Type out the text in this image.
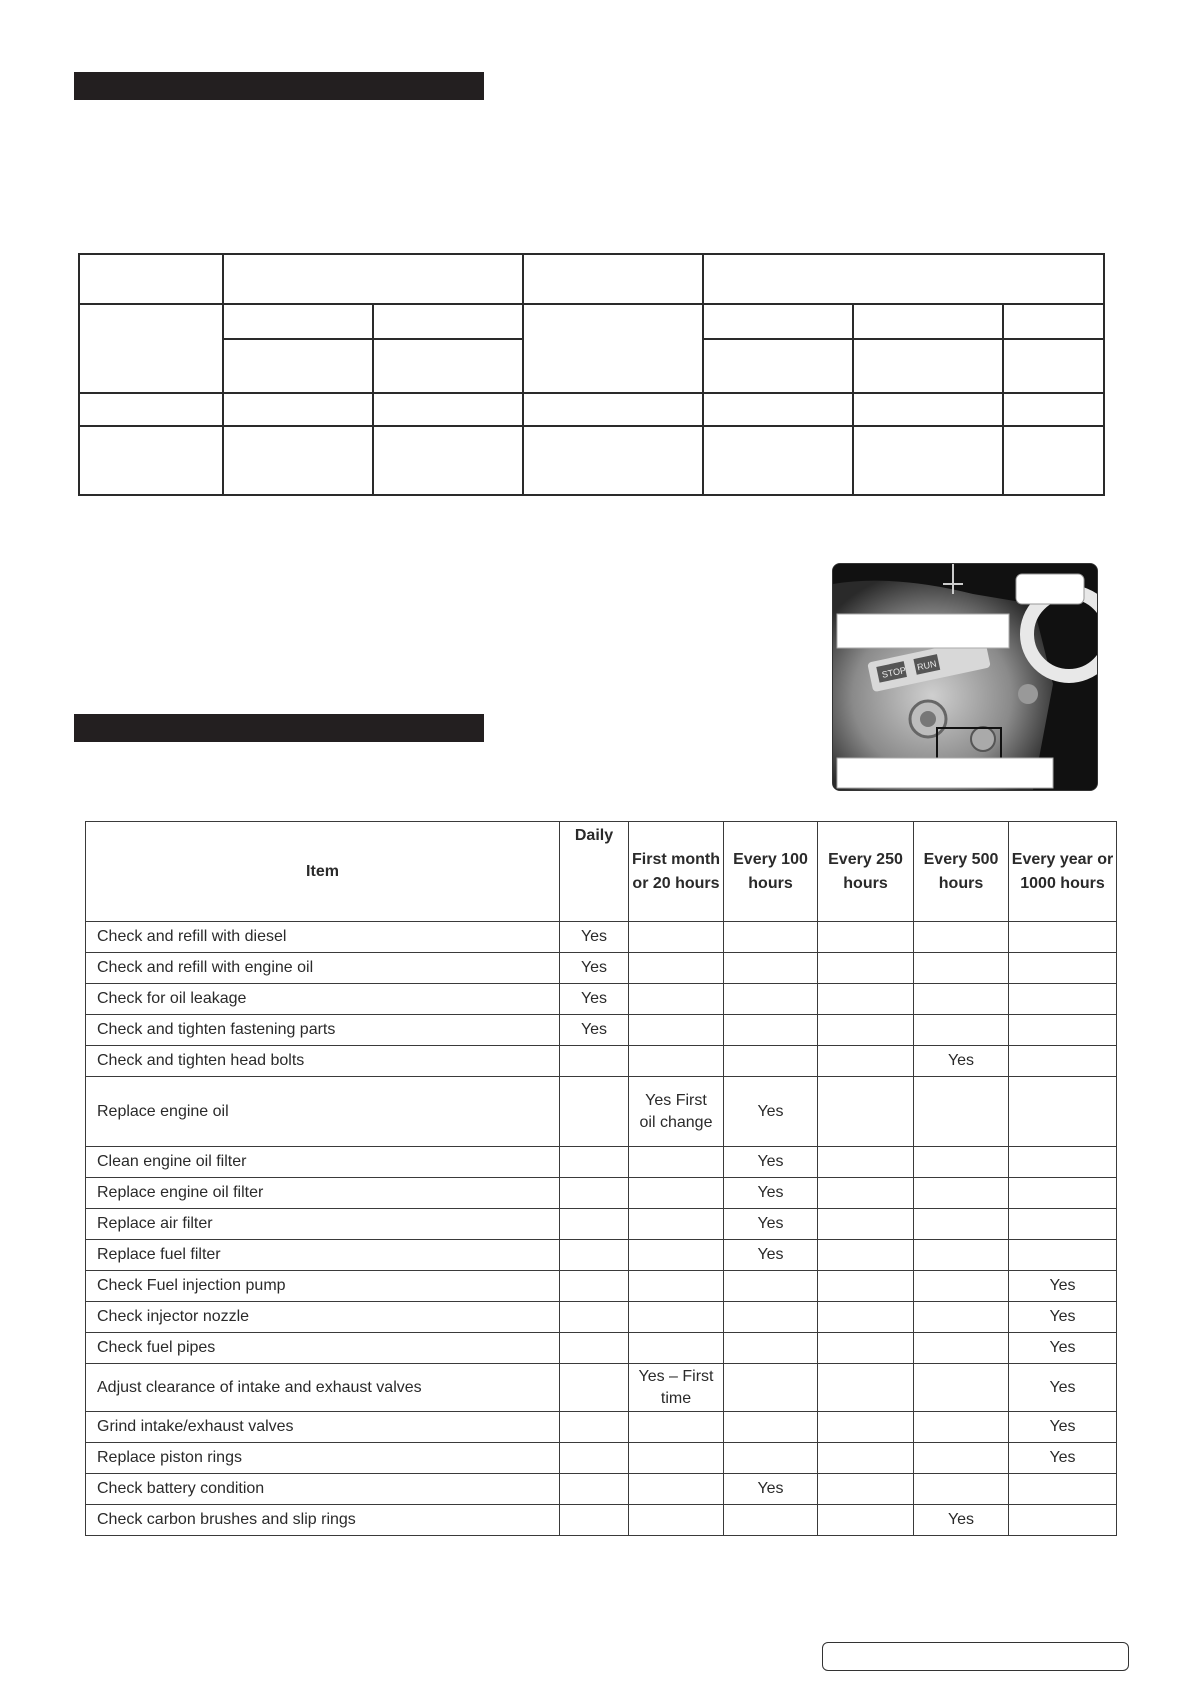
STOP RUN
Item	Daily	First month or 20 hours	Every 100 hours	Every 250 hours	Every 500 hours	Every year or 1000 hours
Check and refill with diesel	Yes					
Check and refill with engine oil	Yes					
Check for oil leakage	Yes					
Check and tighten fastening parts	Yes					
Check and tighten head bolts					Yes	
Replace engine oil		Yes First oil change	Yes			
Clean engine oil filter			Yes			
Replace engine oil filter			Yes			
Replace air filter			Yes			
Replace fuel filter			Yes			
Check Fuel injection pump						Yes
Check injector nozzle						Yes
Check fuel pipes						Yes
Adjust clearance of intake and exhaust valves		Yes – First time				Yes
Grind intake/exhaust valves						Yes
Replace piston rings						Yes
Check battery condition			Yes			
Check carbon brushes and slip rings					Yes	
